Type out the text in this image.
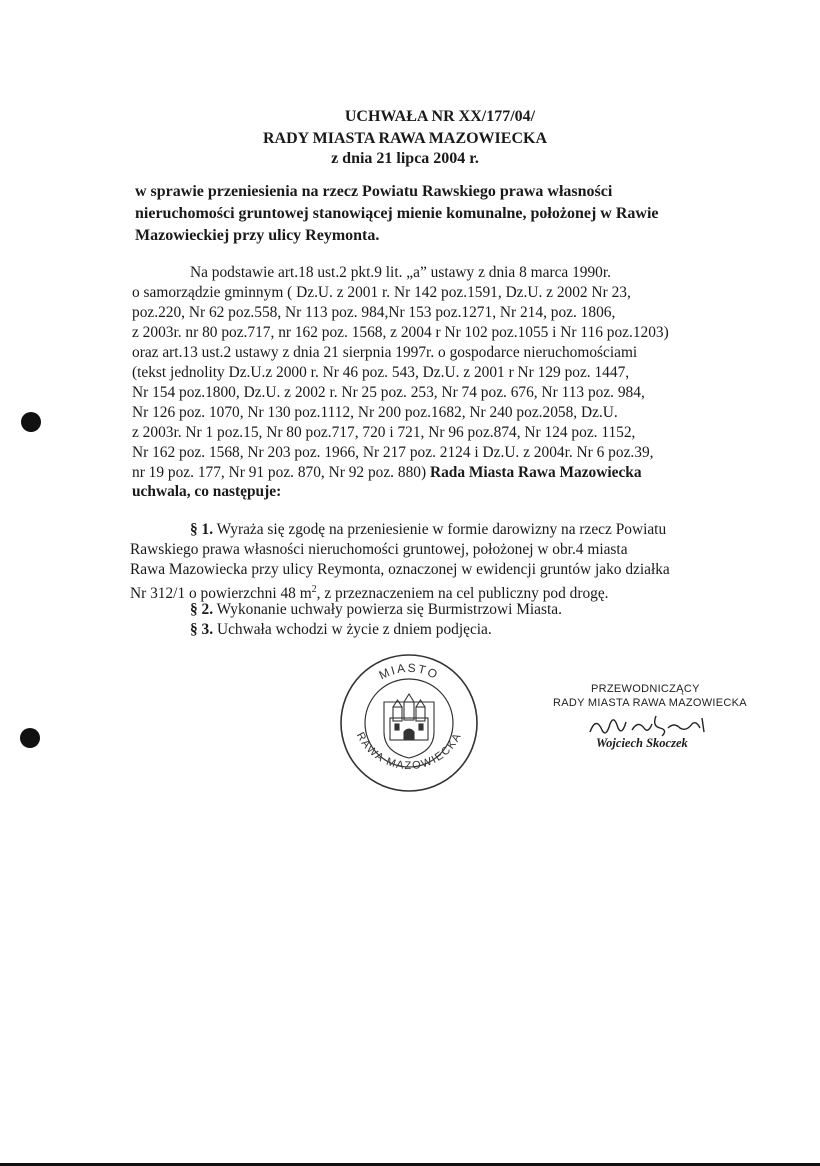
UCHWAŁA NR XX/177/04/
RADY MIASTA RAWA MAZOWIECKA
z dnia 21 lipca 2004 r.

w sprawie przeniesienia na rzecz Powiatu Rawskiego prawa własności nieruchomości gruntowej stanowiącej mienie komunalne, położonej w Rawie Mazowieckiej przy ulicy Reymonta.

Na podstawie art.18 ust.2 pkt.9 lit. „a” ustawy z dnia 8 marca 1990r.
o samorządzie gminnym ( Dz.U. z 2001 r. Nr 142 poz.1591, Dz.U. z 2002 Nr 23,
poz.220, Nr 62 poz.558, Nr 113 poz. 984,Nr 153 poz.1271, Nr 214, poz. 1806,
z 2003r. nr 80 poz.717, nr 162 poz. 1568, z 2004 r Nr 102 poz.1055 i Nr 116 poz.1203)
oraz art.13 ust.2 ustawy z dnia 21 sierpnia 1997r. o gospodarce nieruchomościami
(tekst jednolity Dz.U.z 2000 r. Nr 46 poz. 543, Dz.U. z 2001 r Nr 129 poz. 1447,
Nr 154 poz.1800, Dz.U. z 2002 r. Nr 25 poz. 253, Nr 74 poz. 676, Nr 113 poz. 984,
Nr 126 poz. 1070, Nr 130 poz.1112, Nr 200 poz.1682, Nr 240 poz.2058, Dz.U.
z 2003r. Nr 1 poz.15, Nr 80 poz.717, 720 i 721, Nr 96 poz.874, Nr 124 poz. 1152,
Nr 162 poz. 1568, Nr 203 poz. 1966, Nr 217 poz. 2124 i Dz.U. z 2004r. Nr 6 poz.39,
nr 19 poz. 177, Nr 91 poz. 870, Nr 92 poz. 880) Rada Miasta Rawa Mazowiecka
uchwala, co następuje:
§ 1. Wyraża się zgodę na przeniesienie w formie darowizny na rzecz Powiatu
Rawskiego prawa własności nieruchomości gruntowej, położonej w obr.4 miasta
Rawa Mazowiecka przy ulicy Reymonta, oznaczonej w ewidencji gruntów jako działka
Nr 312/1 o powierzchni 48 $m^2$, z przeznaczeniem na cel publiczny pod drogę.
§ 2. Wykonanie uchwały powierza się Burmistrzowi Miasta.
§ 3. Uchwała wchodzi w życie z dniem podjęcia.
MIASTO
RAWA MAZOWIECKA
PRZEWODNICZĄCY
RADY MIASTA RAWA MAZOWIECKA
Wojciech Skoczek
